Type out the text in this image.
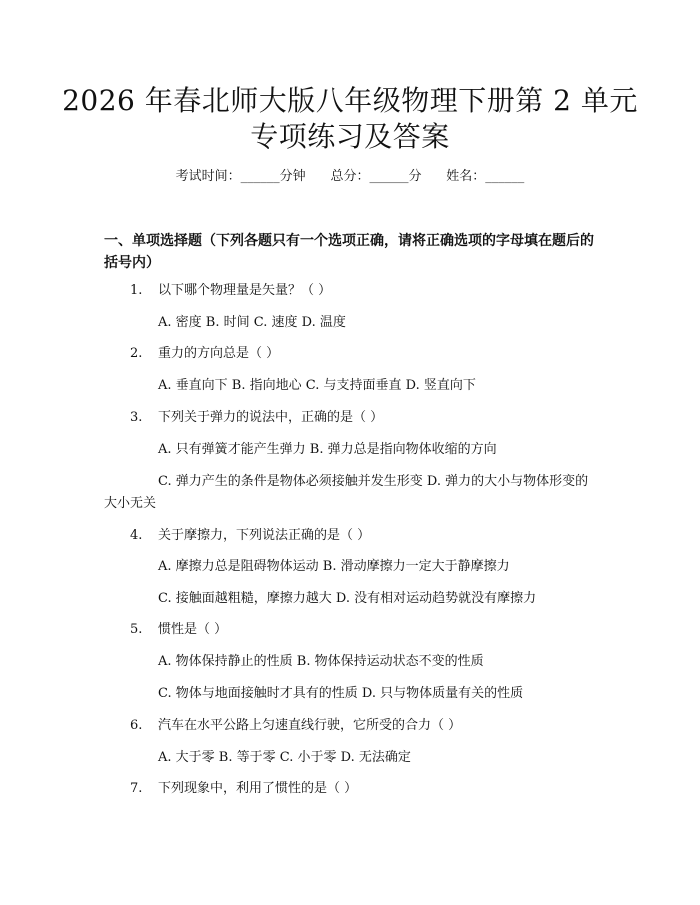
2026 年春北师大版八年级物理下册第 2 单元
专项练习及答案
考试时间：______分钟 总分：______分 姓名：______
一、单项选择题（下列各题只有一个选项正确，请将正确选项的字母填在题后的括号内）
1. 以下哪个物理量是矢量？（ ）
A. 密度 B. 时间 C. 速度 D. 温度
2. 重力的方向总是（ ）
A. 垂直向下 B. 指向地心 C. 与支持面垂直 D. 竖直向下
3. 下列关于弹力的说法中，正确的是（ ）
A. 只有弹簧才能产生弹力 B. 弹力总是指向物体收缩的方向
C. 弹力产生的条件是物体必须接触并发生形变 D. 弹力的大小与物体形变的大小无关
4. 关于摩擦力，下列说法正确的是（ ）
A. 摩擦力总是阻碍物体运动 B. 滑动摩擦力一定大于静摩擦力
C. 接触面越粗糙，摩擦力越大 D. 没有相对运动趋势就没有摩擦力
5. 惯性是（ ）
A. 物体保持静止的性质 B. 物体保持运动状态不变的性质
C. 物体与地面接触时才具有的性质 D. 只与物体质量有关的性质
6. 汽车在水平公路上匀速直线行驶，它所受的合力（ ）
A. 大于零 B. 等于零 C. 小于零 D. 无法确定
7. 下列现象中，利用了惯性的是（ ）
